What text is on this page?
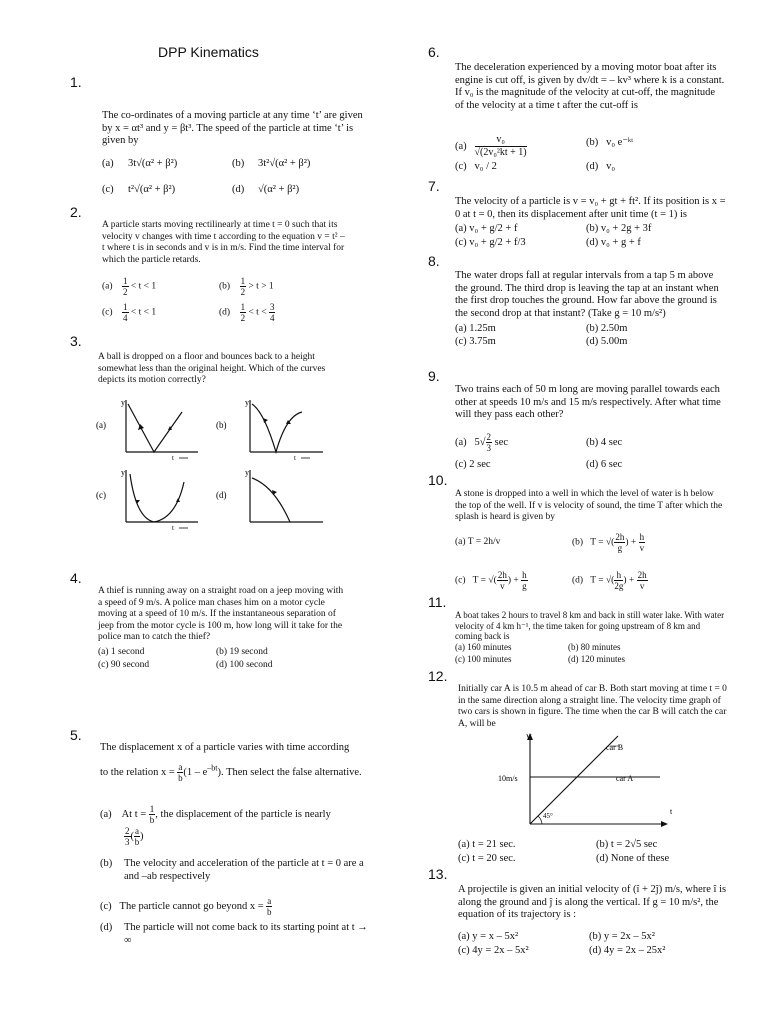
DPP Kinematics
1.
The co-ordinates of a moving particle at any time ‘t’ are given by x = αt³ and y = βt³. The speed of the particle at time ‘t’ is given by
(a) 3t√(α² + β²)	(b) 3t²√(α² + β²)
(c) t²√(α² + β²)	(d) √(α² + β²)
2.
A particle starts moving rectilinearly at time t = 0 such that its velocity v changes with time t according to the equation v = t² – t where t is in seconds and v is in m/s. Find the time interval for which the particle retards.
$(a) \frac{1}{2} < t < 1$	$(b) \frac{1}{2} > t > 1$
$(c) \frac{1}{4} < t < 1$	$(d) \frac{1}{2} < t < \frac{3}{4}$
3.
A ball is dropped on a floor and bounces back to a height somewhat less than the original height. Which of the curves depicts its motion correctly?
(a)
y
t
(b)
y
t
(c)
y
t
(d)
y
4.
A thief is running away on a straight road on a jeep moving with a speed of 9 m/s. A police man chases him on a motor cycle moving at a speed of 10 m/s. If the instantaneous separation of jeep from the motor cycle is 100 m, how long will it take for the police man to catch the thief?
(a) 1 second	(b) 19 second
(c) 90 second	(d) 100 second
5.
The displacement x of a particle varies with time according
to the relation $x = \frac{a}{b} (1 - e^{-bt})$. Then select the false alternative.
(a) At $t = \frac{1}{b}$ , the displacement of the particle is nearly
$\frac{2}{3}$ ( $\frac{a}{b}$ )
(b)	The velocity and acceleration of the particle at t = 0 are a and –ab respectively
(c) The particle cannot go beyond $x = \frac{a}{b}$
(d)	The particle will not come back to its starting point at t → ∞
6.
The deceleration experienced by a moving motor boat after its engine is cut off, is given by dv/dt = – kv³ where k is a constant. If v₀ is the magnitude of the velocity at cut-off, the magnitude of the velocity at a time t after the cut-off is
$(a) \frac{\text{v₀}}{\text{√(2v₀²kt + 1)}}$	(b) v₀ e⁻ᵏᵗ
(c) v₀ / 2	(d) v₀
7.
The velocity of a particle is v = v₀ + gt + ft². If its position is x = 0 at t = 0, then its displacement after unit time (t = 1) is
(a) v₀ + g/2 + f	(b) v₀ + 2g + 3f
(c) v₀ + g/2 + f/3	(d) v₀ + g + f
8.
The water drops fall at regular intervals from a tap 5 m above the ground. The third drop is leaving the tap at an instant when the first drop touches the ground. How far above the ground is the second drop at that instant? (Take g = 10 m/s²)
(a) 1.25m	(b) 2.50m
(c) 3.75m	(d) 5.00m
9.
Two trains each of 50 m long are moving parallel towards each other at speeds 10 m/s and 15 m/s respectively. After what time will they pass each other?
(a) $5√ \frac{2}{3}$ sec	(b) 4 sec
(c) 2 sec	(d) 6 sec
10.
A stone is dropped into a well in which the level of water is h below the top of the well. If v is velocity of sound, the time T after which the splash is heard is given by
(a) T = 2h/v	(b) T = √( $\frac{2h}{g}$ ) + $\frac{h}{v}$
(c) T = √( $\frac{2h}{v}$ ) + $\frac{h}{g}$	(d) T = √( $\frac{h}{2g}$ ) + $\frac{2h}{v}$
11.
A boat takes 2 hours to travel 8 km and back in still water lake. With water velocity of 4 km h⁻¹, the time taken for going upstream of 8 km and coming back is
(a) 160 minutes	(b) 80 minutes
(c) 100 minutes	(d) 120 minutes
12.
Initially car A is 10.5 m ahead of car B. Both start moving at time t = 0 in the same direction along a straight line. The velocity time graph of two cars is shown in figure. The time when the car B will catch the car A, will be
V
t
10m/s
45°
car B
car A
(a) t = 21 sec.	(b) t = 2√5 sec
(c) t = 20 sec.	(d) None of these
13.
A projectile is given an initial velocity of (î + 2ĵ) m/s, where î is along the ground and ĵ is along the vertical. If g = 10 m/s², the equation of its trajectory is :
(a) y = x – 5x²	(b) y = 2x – 5x²
(c) 4y = 2x – 5x²	(d) 4y = 2x – 25x²
